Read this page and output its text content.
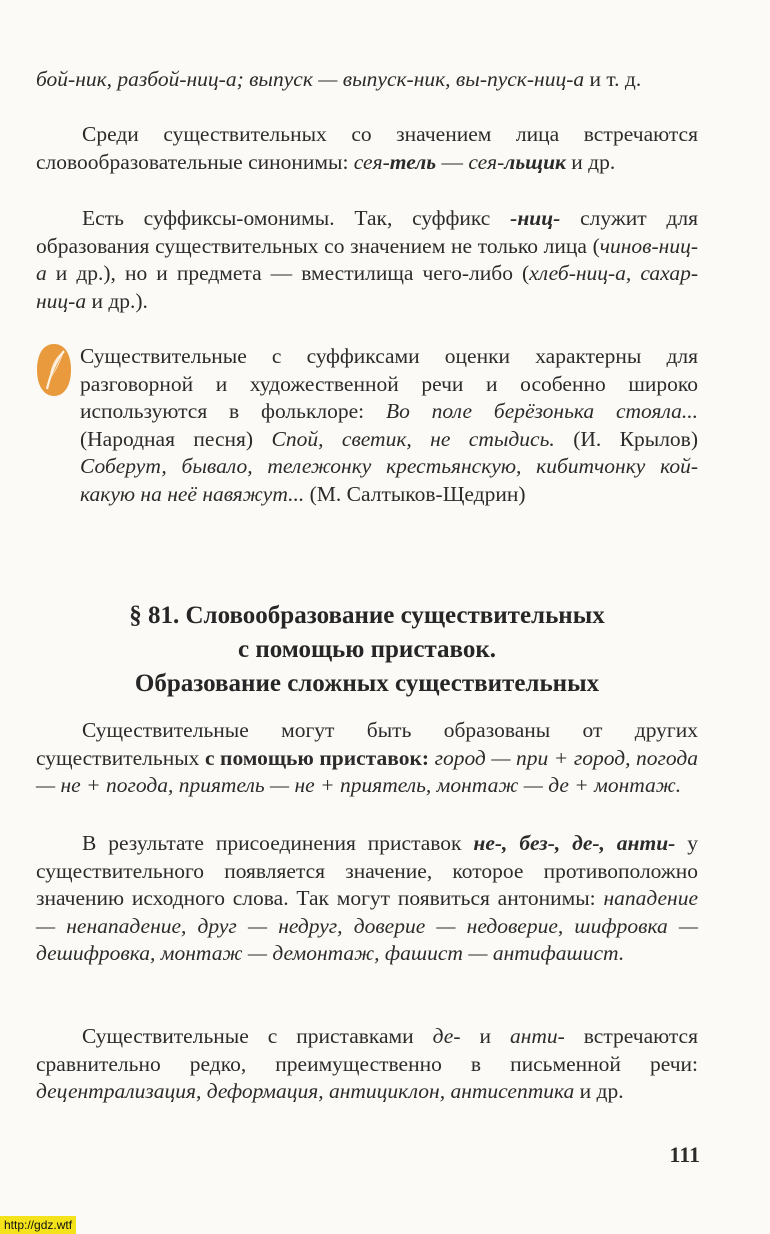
бой-ник, разбой-ниц-а; выпуск — выпуск-ник, вы-пуск-ниц-а и т. д.

Среди существительных со значением лица встречаются словообразовательные синонимы: сея-тель — сея-льщик и др.

Есть суффиксы-омонимы. Так, суффикс -ниц- служит для образования существительных со значением не только лица (чинов-ниц-а и др.), но и предмета — вместилища чего-либо (хлеб-ниц-а, сахар-ниц-а и др.).

Существительные с суффиксами оценки характерны для разговорной и художественной речи и особенно широко используются в фольклоре: Во поле берёзонька стояла... (Народная песня) Спой, светик, не стыдись. (И. Крылов) Соберут, бывало, тележонку крестьянскую, кибитчонку кой-какую на неё навяжут... (М. Салтыков-Щедрин)

§ 81. Словообразование существительных
с помощью приставок.
Образование сложных существительных

Существительные могут быть образованы от других существительных с помощью приставок: город — при + город, погода — не + погода, приятель — не + приятель, монтаж — де + монтаж.

В результате присоединения приставок не-, без-, де-, анти- у существительного появляется значение, которое противоположно значению исходного слова. Так могут появиться антонимы: нападение — ненападение, друг — недруг, доверие — недоверие, шифровка — дешифровка, монтаж — демонтаж, фашист — антифашист.

Существительные с приставками де- и анти- встречаются сравнительно редко, преимущественно в письменной речи: децентрализация, деформация, антициклон, антисептика и др.

111
http://gdz.wtf
